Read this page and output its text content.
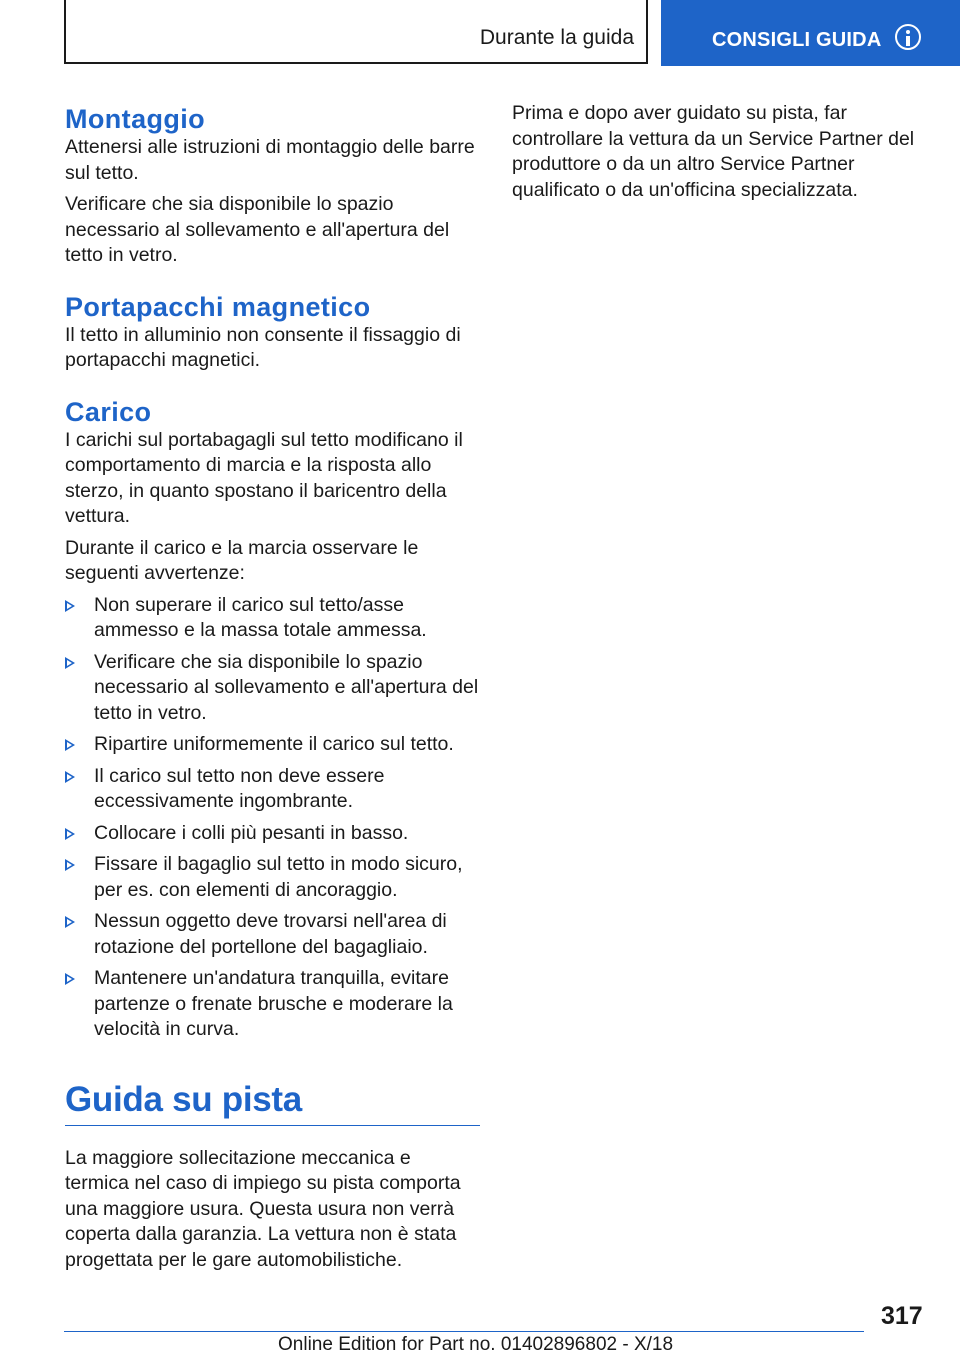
Durante la guida	CONSIGLI GUIDA
Montaggio

Attenersi alle istruzioni di montaggio delle barre sul tetto.

Verificare che sia disponibile lo spazio necessario al sollevamento e all'apertura del tetto in vetro.

Portapacchi magnetico

Il tetto in alluminio non consente il fissaggio di portapacchi magnetici.

Carico

I carichi sul portabagagli sul tetto modificano il comportamento di marcia e la risposta allo sterzo, in quanto spostano il baricentro della vettura.

Durante il carico e la marcia osservare le seguenti avvertenze:

Non superare il carico sul tetto/asse ammesso e la massa totale ammessa.
Verificare che sia disponibile lo spazio necessario al sollevamento e all'apertura del tetto in vetro.
Ripartire uniformemente il carico sul tetto.
Il carico sul tetto non deve essere eccessivamente ingombrante.
Collocare i colli più pesanti in basso.
Fissare il bagaglio sul tetto in modo sicuro, per es. con elementi di ancoraggio.
Nessun oggetto deve trovarsi nell'area di rotazione del portellone del bagagliaio.
Mantenere un'andatura tranquilla, evitare partenze o frenate brusche e moderare la velocità in curva.
Guida su pista

La maggiore sollecitazione meccanica e termica nel caso di impiego su pista comporta una maggiore usura. Questa usura non verrà coperta dalla garanzia. La vettura non è stata progettata per le gare automobilistiche.

Prima e dopo aver guidato su pista, far controllare la vettura da un Service Partner del produttore o da un altro Service Partner qualificato o da un'officina specializzata.

317
Online Edition for Part no. 01402896802 - X/18
